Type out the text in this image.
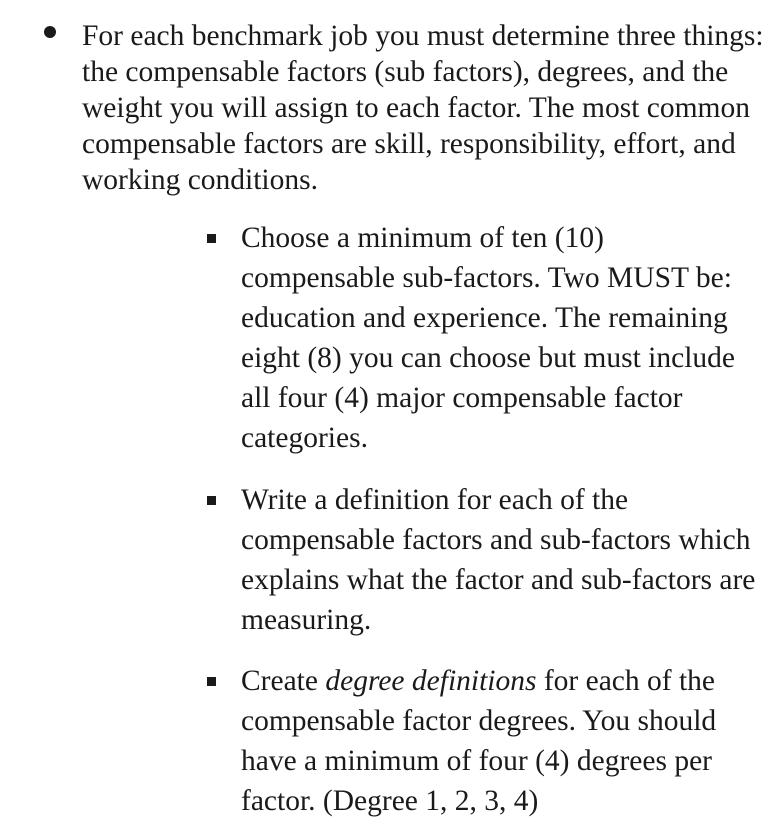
For each benchmark job you must determine three things: the compensable factors (sub factors), degrees, and the weight you will assign to each factor. The most common compensable factors are skill, responsibility, effort, and working conditions.
Choose a minimum of ten (10) compensable sub-factors. Two MUST be: education and experience. The remaining eight (8) you can choose but must include all four (4) major compensable factor categories.
Write a definition for each of the compensable factors and sub-factors which explains what the factor and sub-factors are measuring.
Create degree definitions for each of the compensable factor degrees. You should have a minimum of four (4) degrees per factor. (Degree 1, 2, 3, 4)
